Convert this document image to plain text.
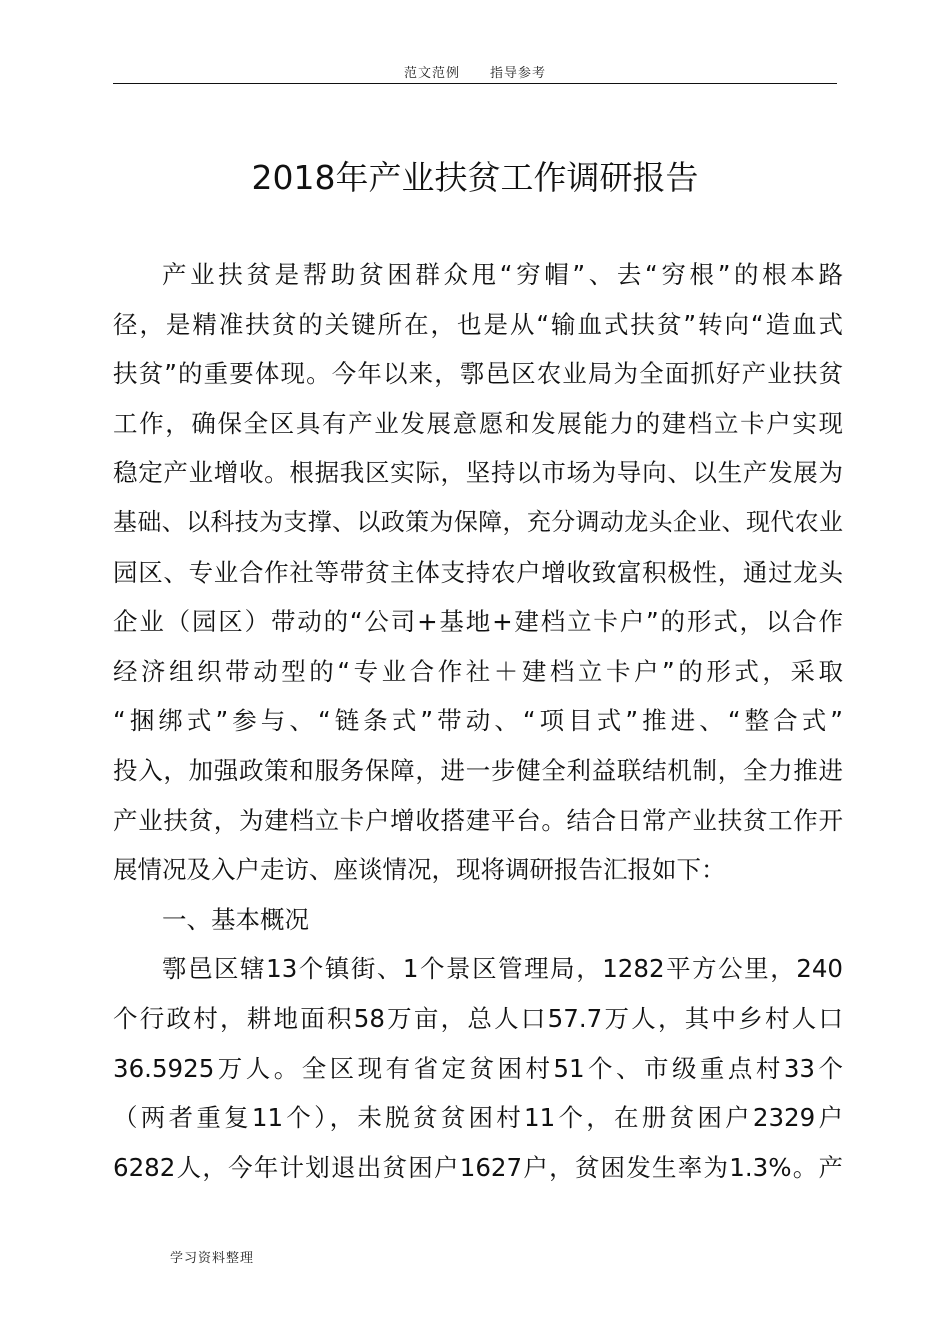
范文范例 指导参考
2018年产业扶贫工作调研报告
产业扶贫是帮助贫困群众甩“穷帽”、去“穷根”的根本路
径，是精准扶贫的关键所在，也是从“输血式扶贫”转向“造血式
扶贫”的重要体现。今年以来，鄠邑区农业局为全面抓好产业扶贫
工作，确保全区具有产业发展意愿和发展能力的建档立卡户实现
稳定产业增收。根据我区实际，坚持以市场为导向、以生产发展为
基础、以科技为支撑、以政策为保障，充分调动龙头企业、现代农业
园区、专业合作社等带贫主体支持农户增收致富积极性，通过龙头
企业（园区）带动的“公司+基地+建档立卡户”的形式，以合作
经济组织带动型的“专业合作社＋建档立卡户”的形式，采取
“捆绑式”参与、“链条式”带动、“项目式”推进、“整合式”
投入，加强政策和服务保障，进一步健全利益联结机制，全力推进
产业扶贫，为建档立卡户增收搭建平台。结合日常产业扶贫工作开
展情况及入户走访、座谈情况，现将调研报告汇报如下：
一、基本概况
鄠邑区辖13个镇街、1个景区管理局，1282平方公里，240
个行政村，耕地面积58万亩，总人口57.7万人，其中乡村人口
36.5925万人。全区现有省定贫困村51个、市级重点村33个
（两者重复11个），未脱贫贫困村11个，在册贫困户2329户
6282人，今年计划退出贫困户1627户，贫困发生率为1.3%。产
学习资料整理
